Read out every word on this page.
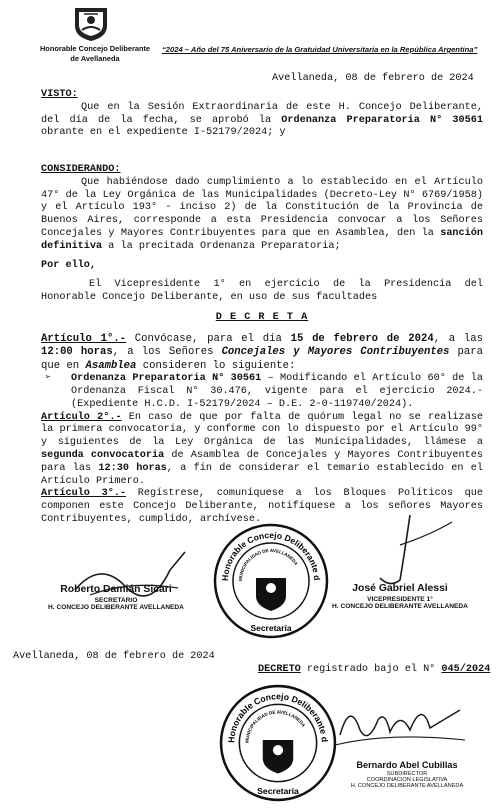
Honorable Concejo Deliberante
de Avellaneda
“2024 – Año del 75 Aniversario de la Gratuidad Universitaria en la República Argentina”
Avellaneda, 08 de febrero de 2024

VISTO:

Que en la Sesión Extraordinaria de este H. Concejo Deliberante, del día de la fecha, se aprobó la Ordenanza Preparatoria N° 30561 obrante en el expediente I-52179/2024; y

CONSIDERANDO:

Que habiéndose dado cumplimiento a lo establecido en el Artículo 47° de la Ley Orgánica de las Municipalidades (Decreto-Ley N° 6769/1958) y el Artículo 193° - inciso 2) de la Constitución de la Provincia de Buenos Aires, corresponde a esta Presidencia convocar a los Señores Concejales y Mayores Contribuyentes para que en Asamblea, den la sanción definitiva a la precitada Ordenanza Preparatoria;

Por ello,

El Vicepresidente 1° en ejercicio de la Presidencia del Honorable Concejo Deliberante, en uso de sus facultades

D E C R E T A

Artículo 1°.- Convócase, para el día 15 de febrero de 2024, a las 12:00 horas, a los Señores Concejales y Mayores Contribuyentes para que en Asamblea consideren lo siguiente:

➢	Ordenanza Preparatoria N° 30561 – Modificando el Artículo 60° de la Ordenanza Fiscal N° 30.476, vigente para el ejercicio 2024.- (Expediente H.C.D. I-52179/2024 – D.E. 2-0-119740/2024).

Artículo 2°.- En caso de que por falta de quórum legal no se realizase la primera convocatoria, y conforme con lo dispuesto por el Artículo 99° y siguientes de la Ley Orgánica de las Municipalidades, llámese a segunda convocatoria de Asamblea de Concejales y Mayores Contribuyentes para las 12:30 horas, a fin de considerar el temario establecido en el Artículo Primero.

Artículo 3°.- Regístrese, comuníquese a los Bloques Políticos que componen este Concejo Deliberante, notifíquese a los señores Mayores Contribuyentes, cumplido, archívese.

Honorable Concejo Deliberante d
MUNICIPALIDAD DE AVELLANEDA
Secretaría
Roberto Damián Sicari
SECRETARIO
H. CONCEJO DELIBERANTE AVELLANEDA
José Gabriel Alessi
VICEPRESIDENTE 1°
H. CONCEJO DELIBERANTE AVELLANEDA
Avellaneda, 08 de febrero de 2024
DECRETO registrado bajo el N° 045/2024
Honorable Concejo Deliberante d
MUNICIPALIDAD DE AVELLANEDA
Secretaría
Bernardo Abel Cubillas
SUBDIRECTOR
COORDINACION LEGISLATIVA
H. CONCEJO DELIBERANTE AVELLANEDA
